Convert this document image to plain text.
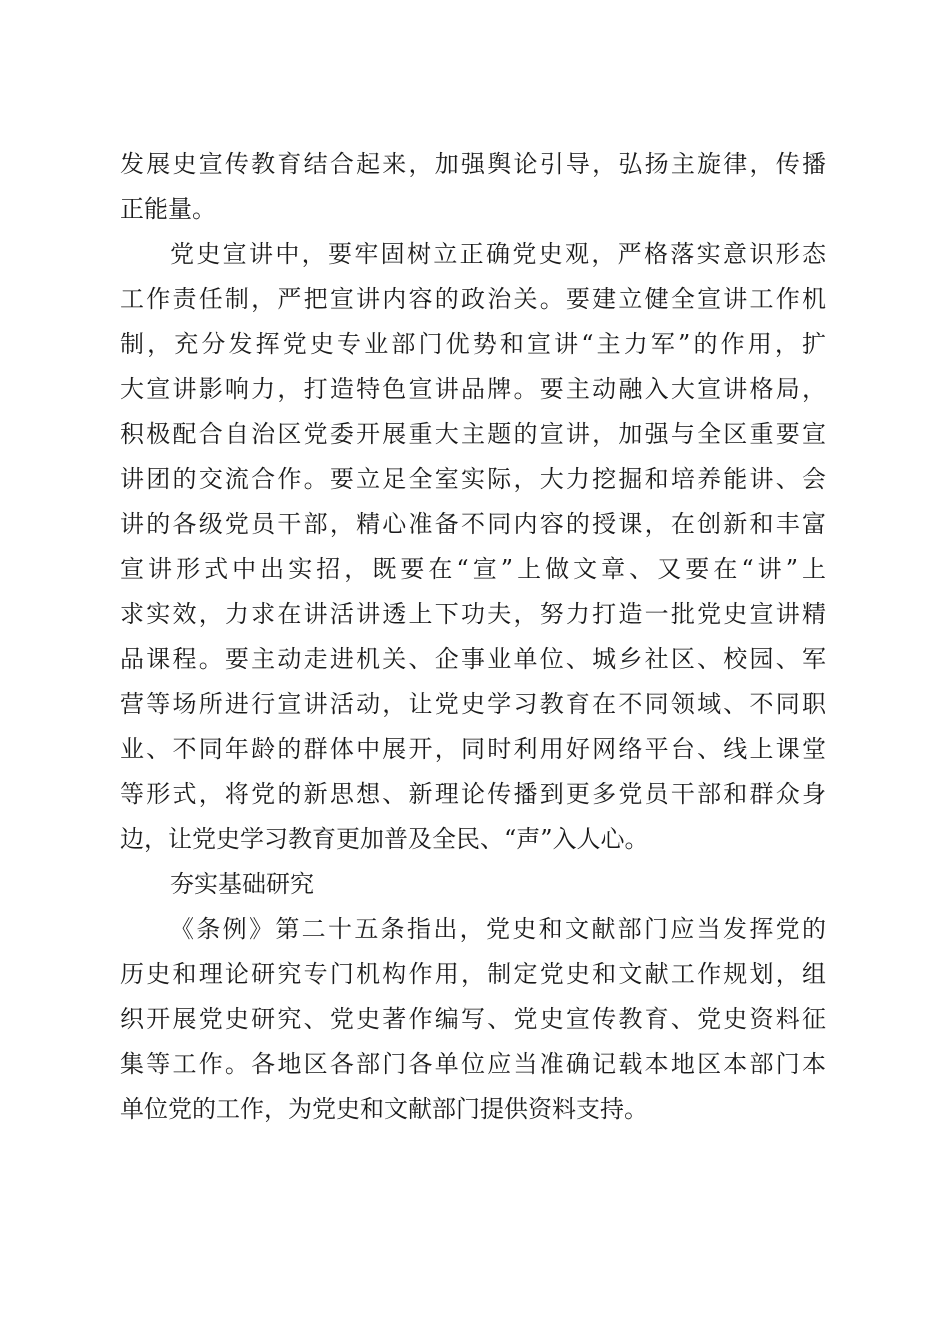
发展史宣传教育结合起来，加强舆论引导，弘扬主旋律，传播
正能量。
党史宣讲中，要牢固树立正确党史观，严格落实意识形态
工作责任制，严把宣讲内容的政治关。要建立健全宣讲工作机
制，充分发挥党史专业部门优势和宣讲“主力军”的作用，扩
大宣讲影响力，打造特色宣讲品牌。要主动融入大宣讲格局，
积极配合自治区党委开展重大主题的宣讲，加强与全区重要宣
讲团的交流合作。要立足全室实际，大力挖掘和培养能讲、会
讲的各级党员干部，精心准备不同内容的授课，在创新和丰富
宣讲形式中出实招，既要在“宣”上做文章、又要在“讲”上
求实效，力求在讲活讲透上下功夫，努力打造一批党史宣讲精
品课程。要主动走进机关、企事业单位、城乡社区、校园、军
营等场所进行宣讲活动，让党史学习教育在不同领域、不同职
业、不同年龄的群体中展开，同时利用好网络平台、线上课堂
等形式，将党的新思想、新理论传播到更多党员干部和群众身
边，让党史学习教育更加普及全民、“声”入人心。
夯实基础研究
《条例》第二十五条指出，党史和文献部门应当发挥党的
历史和理论研究专门机构作用，制定党史和文献工作规划，组
织开展党史研究、党史著作编写、党史宣传教育、党史资料征
集等工作。各地区各部门各单位应当准确记载本地区本部门本
单位党的工作，为党史和文献部门提供资料支持。
